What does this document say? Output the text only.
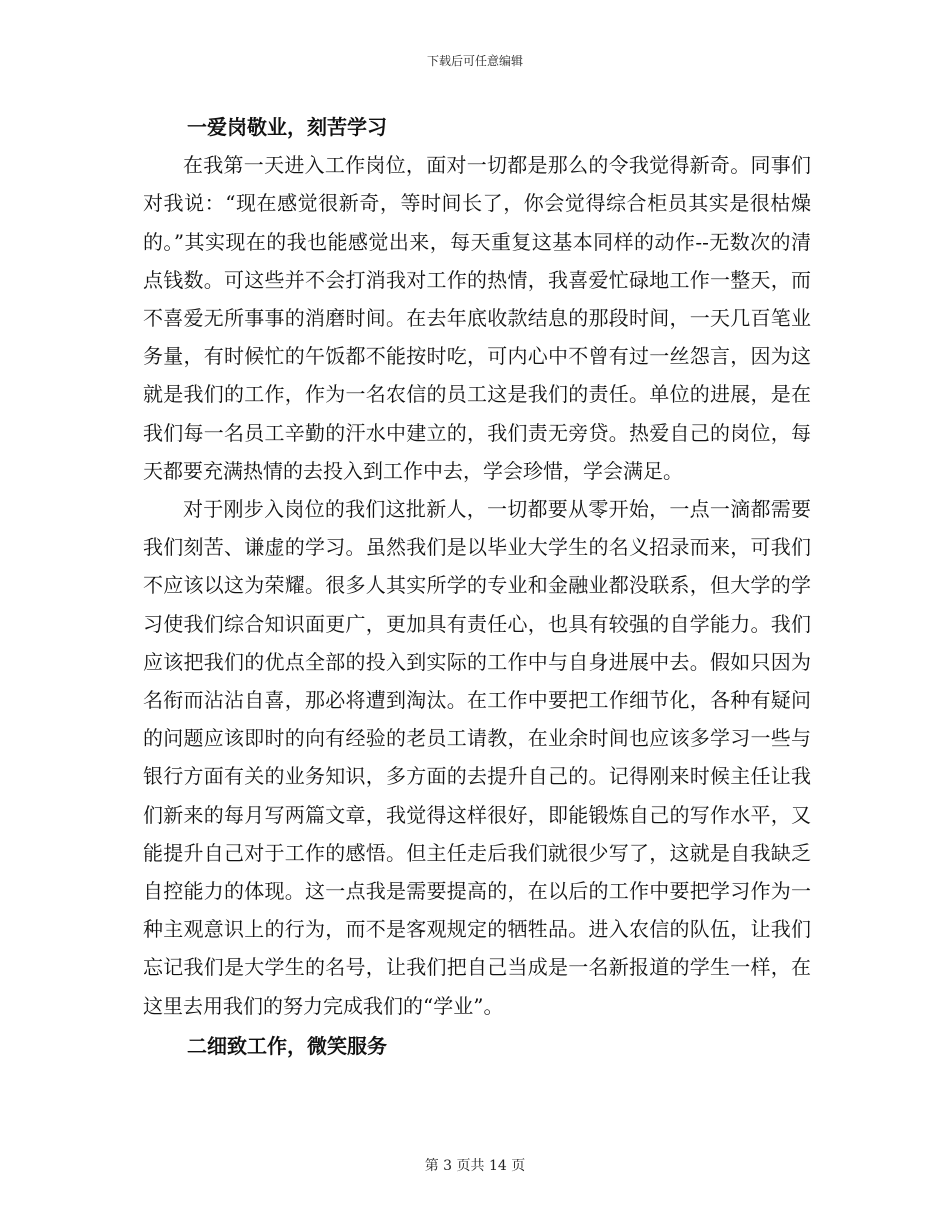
下载后可任意编辑
一爱岗敬业，刻苦学习

在我第一天进入工作岗位，面对一切都是那么的令我觉得新奇。同事们对我说：“现在感觉很新奇，等时间长了，你会觉得综合柜员其实是很枯燥的。”其实现在的我也能感觉出来，每天重复这基本同样的动作--无数次的清点钱数。可这些并不会打消我对工作的热情，我喜爱忙碌地工作一整天，而不喜爱无所事事的消磨时间。在去年底收款结息的那段时间，一天几百笔业务量，有时候忙的午饭都不能按时吃，可内心中不曾有过一丝怨言，因为这就是我们的工作，作为一名农信的员工这是我们的责任。单位的进展，是在我们每一名员工辛勤的汗水中建立的，我们责无旁贷。热爱自己的岗位，每天都要充满热情的去投入到工作中去，学会珍惜，学会满足。

对于刚步入岗位的我们这批新人，一切都要从零开始，一点一滴都需要我们刻苦、谦虚的学习。虽然我们是以毕业大学生的名义招录而来，可我们不应该以这为荣耀。很多人其实所学的专业和金融业都没联系，但大学的学习使我们综合知识面更广，更加具有责任心，也具有较强的自学能力。我们应该把我们的优点全部的投入到实际的工作中与自身进展中去。假如只因为名衔而沾沾自喜，那必将遭到淘汰。在工作中要把工作细节化，各种有疑问的问题应该即时的向有经验的老员工请教，在业余时间也应该多学习一些与银行方面有关的业务知识，多方面的去提升自己的。记得刚来时候主任让我们新来的每月写两篇文章，我觉得这样很好，即能锻炼自己的写作水平，又能提升自己对于工作的感悟。但主任走后我们就很少写了，这就是自我缺乏自控能力的体现。这一点我是需要提高的，在以后的工作中要把学习作为一种主观意识上的行为，而不是客观规定的牺牲品。进入农信的队伍，让我们忘记我们是大学生的名号，让我们把自己当成是一名新报道的学生一样，在这里去用我们的努力完成我们的“学业”。

二细致工作，微笑服务
第 3 页共 14 页
